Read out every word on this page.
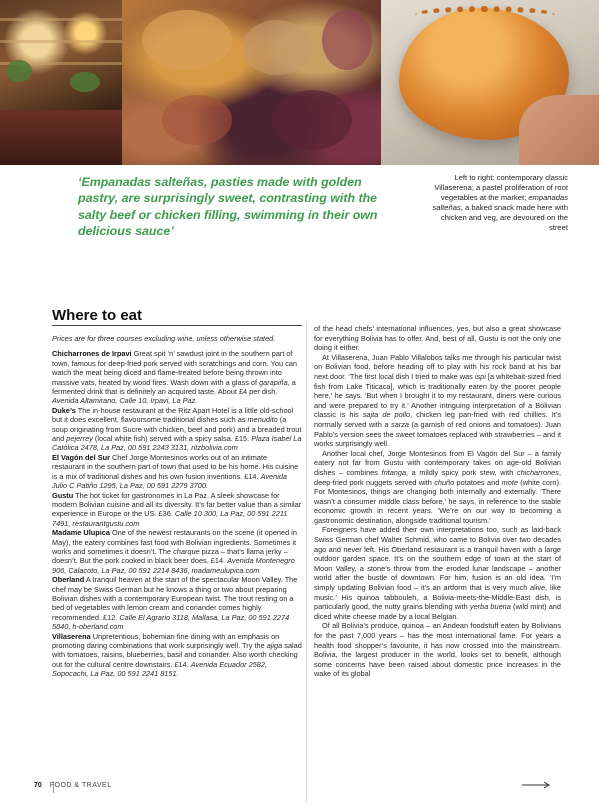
‘Empanadas salteñas, pasties made with golden pastry, are surprisingly sweet, contrasting with the salty beef or chicken filling, swimming in their own delicious sauce’
Left to right: contemporary classic Villaserena; a pastel proliferation of root vegetables at the market; empanadas salteñas, a baked snack made here with chicken and veg, are devoured on the street
Where to eat

Prices are for three courses excluding wine, unless otherwise stated.

Chicharrones de Irpavi Great spit ‘n’ sawdust joint in the southern part of town, famous for deep-fried pork served with scratchings and corn. You can watch the meat being diced and flame-treated before being thrown into massive vats, heated by wood fires. Wash down with a glass of garapiña, a fermented drink that is definitely an acquired taste. About £4 per dish. Avenida Altamirano, Calle 10, Irpavi, La Paz.

Duke’s The in-house restaurant at the Ritz Apart Hotel is a little old-school but it does excellent, flavoursome traditional dishes such as menudito (a soup originating from Sucre with chicken, beef and pork) and a breaded trout and pejerrey (local white fish) served with a spicy salsa. £15. Plaza Isabel La Católica 2478, La Paz, 00 591 2243 3131, ritzbolivia.com

El Vagón del Sur Chef Jorge Montesinos works out of an intimate restaurant in the southern part of town that used to be his home. His cuisine is a mix of traditional dishes and his own fusion inventions. £14. Avenida Julio C Patiño 1295, La Paz, 00 591 2279 3700.

Gustu The hot ticket for gastronomes in La Paz. A sleek showcase for modern Bolivian cuisine and all its diversity. It’s far better value than a similar experience in Europe or the US. £36. Calle 10 300, La Paz, 00 591 2211 7491, restaurantgustu.com

Madame Ulupica One of the newest restaurants on the scene (it opened in May), the eatery combines fast food with Bolivian ingredients. Sometimes it works and sometimes it doesn’t. The charque pizza – that’s llama jerky – doesn’t. But the pork cooked in black beer does. £14. Avenida Montenegro 906, Calacoto, La Paz, 00 591 2214 8436, madameulupica.com

Oberland A tranquil heaven at the start of the spectacular Moon Valley. The chef may be Swiss German but he knows a thing or two about preparing Bolivian dishes with a contemporary European twist. The trout resting on a bed of vegetables with lemon cream and coriander comes highly recommended. £12. Calle El Agrario 3118, Mallasa, La Paz, 00 591 2274 5040, h-oberland.com

Villaserena Unpretentious, bohemian fine dining with an emphasis on promoting daring combinations that work surprisingly well. Try the ajiga salad with tomatoes, raisins, blueberries, basil and coriander. Also worth checking out for the cultural centre downstairs. £14. Avenida Ecuador 2582, Sopocachi, La Paz, 00 591 2241 8151.

of the head chefs’ international influences, yes, but also a great showcase for everything Bolivia has to offer. And, best of all, Gustu is not the only one doing it either.

At Villaserena, Juan Pablo Villalobos talks me through his particular twist on Bolivian food, before heading off to play with his rock band at his bar next door. ‘The first local dish I tried to make was ispi [a whitebait-sized fried fish from Lake Titicaca], which is traditionally eaten by the poorer people here,’ he says. ‘But when I brought it to my restaurant, diners were curious and were prepared to try it.’ Another intriguing interpretation of a Bolivian classic is his sajta de pollo, chicken leg pan-fried with red chillies. It’s normally served with a sarza (a garnish of red onions and tomatoes). Juan Pablo’s version sees the sweet tomatoes replaced with strawberries – and it works surprisingly well.

Another local chef, Jorge Montesinos from El Vagón del Sur – a family eatery not far from Gustu with contemporary takes on age-old Bolivian dishes – combines fritanga, a mildly spicy pork stew, with chicharrones, deep-fried pork nuggets served with chuño potatoes and mote (white corn). For Montesinos, things are changing both internally and externally. ‘There wasn’t a consumer middle class before,’ he says, in reference to the stable economic growth in recent years. ‘We’re on our way to becoming a gastronomic destination, alongside traditional tourism.’

Foreigners have added their own interpretations too, such as laid-back Swiss German chef Walter Schmid, who came to Bolivia over two decades ago and never left. His Oberland restaurant is a tranquil haven with a large outdoor garden space. It’s on the southern edge of town at the start of Moon Valley, a stone’s throw from the eroded lunar landscape – another world after the bustle of downtown. For him, fusion is an old idea. ‘I’m simply updating Bolivian food – it’s an artform that is very much alive, like music.’ His quinoa tabbouleh, a Bolivia-meets-the-Middle-East dish, is particularly good, the nutty grains blending with yerba buena (wild mint) and diced white cheese made by a local Belgian.

Of all Bolivia’s produce, quinoa – an Andean foodstuff eaten by Bolivians for the past 7,000 years – has the most international fame. For years a health food shopper’s favourite, it has now crossed into the mainstream. Bolivia, the largest producer in the world, looks set to benefit, although some concerns have been raised about domestic price increases in the wake of its global

70 FOOD & TRAVEL
